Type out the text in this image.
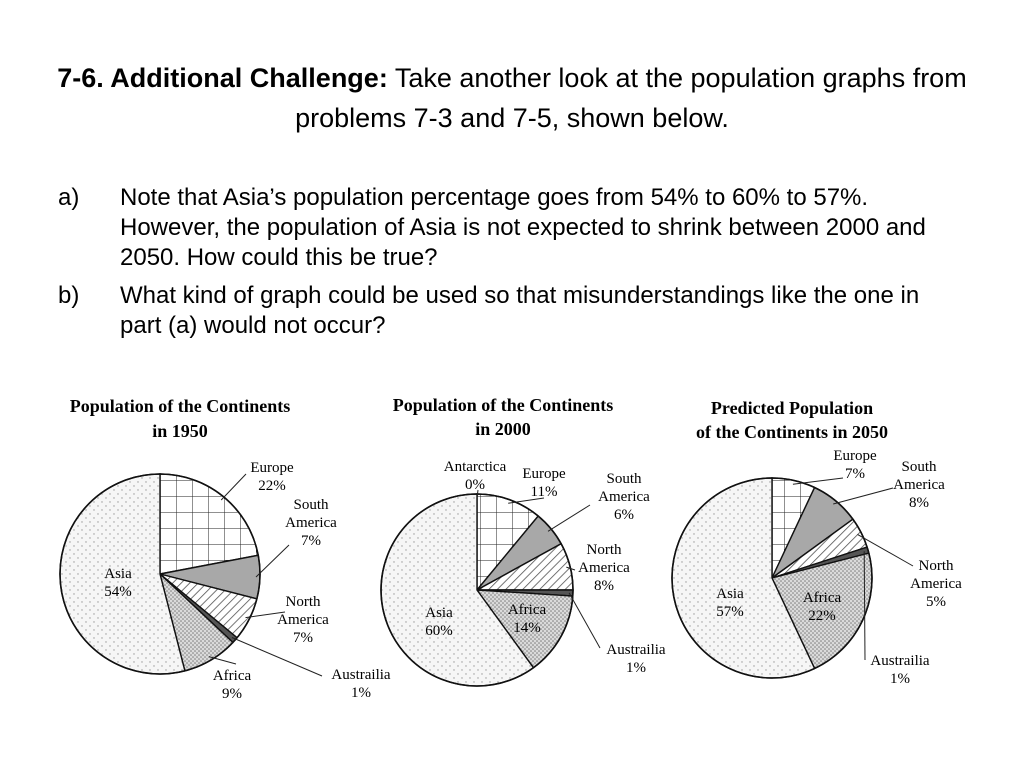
7-6. Additional Challenge: Take another look at the population graphs from problems 7-3 and 7-5, shown below.
a) Note that Asia’s population percentage goes from 54% to 60% to 57%. However, the population of Asia is not expected to shrink between 2000 and 2050. How could this be true?
b) What kind of graph could be used so that misunderstandings like the one in part (a) would not occur?
Population of the Continents
in 1950
Europe 22%
South America 7%
North America 7%
Austrailia 1%
Africa 9%
Asia 54%
Population of the Continents
in 2000
Antarctica 0%
Europe 11%
South America 6%
North America 8%
Austrailia 1%
Africa 14%
Asia 60%
Predicted Population
of the Continents in 2050
Europe 7%	South America 8%
North America 5%
Austrailia 1%
Africa 22%
Asia 57%
